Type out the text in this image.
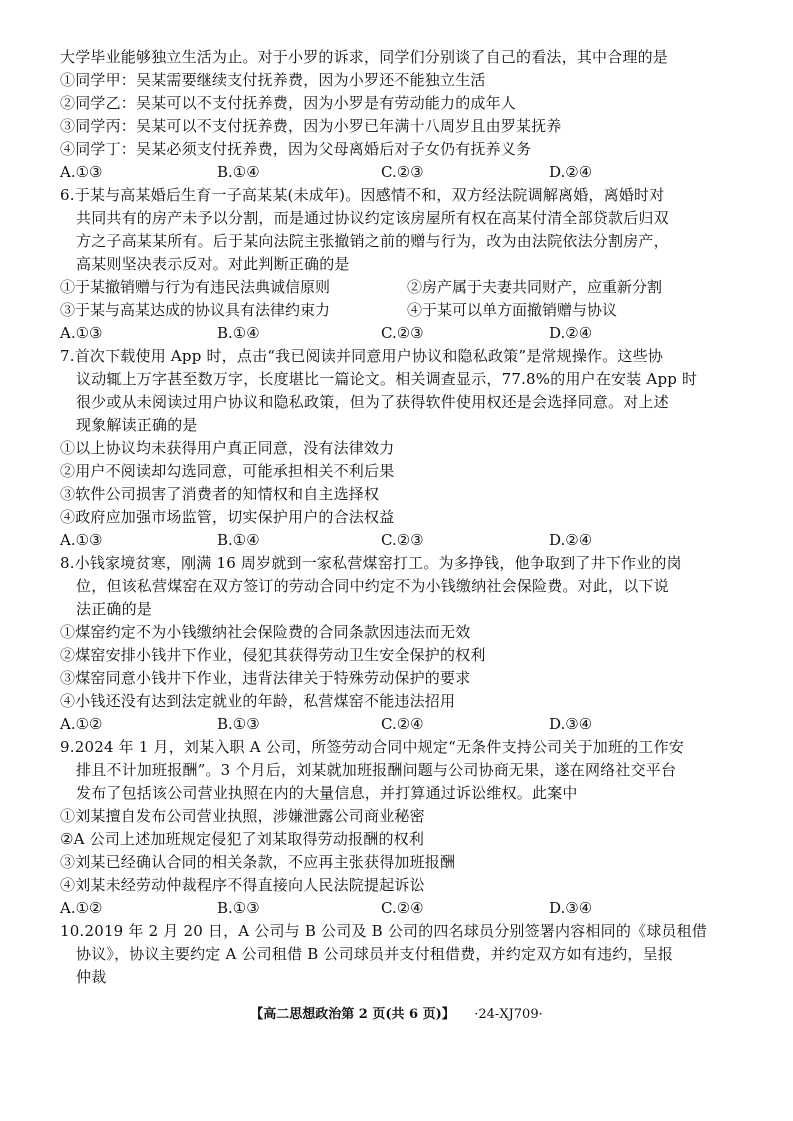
大学毕业能够独立生活为止。对于小罗的诉求，同学们分别谈了自己的看法，其中合理的是
①同学甲：吴某需要继续支付抚养费，因为小罗还不能独立生活
②同学乙：吴某可以不支付抚养费，因为小罗是有劳动能力的成年人
③同学丙：吴某可以不支付抚养费，因为小罗已年满十八周岁且由罗某抚养
④同学丁：吴某必须支付抚养费，因为父母离婚后对子女仍有抚养义务
A.①③	B.①④	C.②③	D.②④
6.于某与高某婚后生育一子高某某(未成年)。因感情不和，双方经法院调解离婚，离婚时对
共同共有的房产未予以分割，而是通过协议约定该房屋所有权在高某付清全部贷款后归双
方之子高某某所有。后于某向法院主张撤销之前的赠与行为，改为由法院依法分割房产，
高某则坚决表示反对。对此判断正确的是
①于某撤销赠与行为有违民法典诚信原则	②房产属于夫妻共同财产，应重新分割
③于某与高某达成的协议具有法律约束力	④于某可以单方面撤销赠与协议
A.①③	B.①④	C.②③	D.②④
7.首次下载使用 App 时，点击“我已阅读并同意用户协议和隐私政策”是常规操作。这些协
议动辄上万字甚至数万字，长度堪比一篇论文。相关调查显示，77.8%的用户在安装 App 时
很少或从未阅读过用户协议和隐私政策，但为了获得软件使用权还是会选择同意。对上述
现象解读正确的是
①以上协议均未获得用户真正同意，没有法律效力
②用户不阅读却勾选同意，可能承担相关不利后果
③软件公司损害了消费者的知情权和自主选择权
④政府应加强市场监管，切实保护用户的合法权益
A.①③	B.①④	C.②③	D.②④
8.小钱家境贫寒，刚满 16 周岁就到一家私营煤窑打工。为多挣钱，他争取到了井下作业的岗
位，但该私营煤窑在双方签订的劳动合同中约定不为小钱缴纳社会保险费。对此，以下说
法正确的是
①煤窑约定不为小钱缴纳社会保险费的合同条款因违法而无效
②煤窑安排小钱井下作业，侵犯其获得劳动卫生安全保护的权利
③煤窑同意小钱井下作业，违背法律关于特殊劳动保护的要求
④小钱还没有达到法定就业的年龄，私营煤窑不能违法招用
A.①②	B.①③	C.②④	D.③④
9.2024 年 1 月，刘某入职 A 公司，所签劳动合同中规定“无条件支持公司关于加班的工作安
排且不计加班报酬”。3 个月后，刘某就加班报酬问题与公司协商无果，遂在网络社交平台
发布了包括该公司营业执照在内的大量信息，并打算通过诉讼维权。此案中
①刘某擅自发布公司营业执照，涉嫌泄露公司商业秘密
②A 公司上述加班规定侵犯了刘某取得劳动报酬的权利
③刘某已经确认合同的相关条款，不应再主张获得加班报酬
④刘某未经劳动仲裁程序不得直接向人民法院提起诉讼
A.①②	B.①③	C.②④	D.③④
10.2019 年 2 月 20 日，A 公司与 B 公司及 B 公司的四名球员分别签署内容相同的《球员租借
协议》，协议主要约定 A 公司租借 B 公司球员并支付租借费，并约定双方如有违约，呈报
仲裁
【高二思想政治第 2 页(共 6 页)】 ·24-XJ709·
